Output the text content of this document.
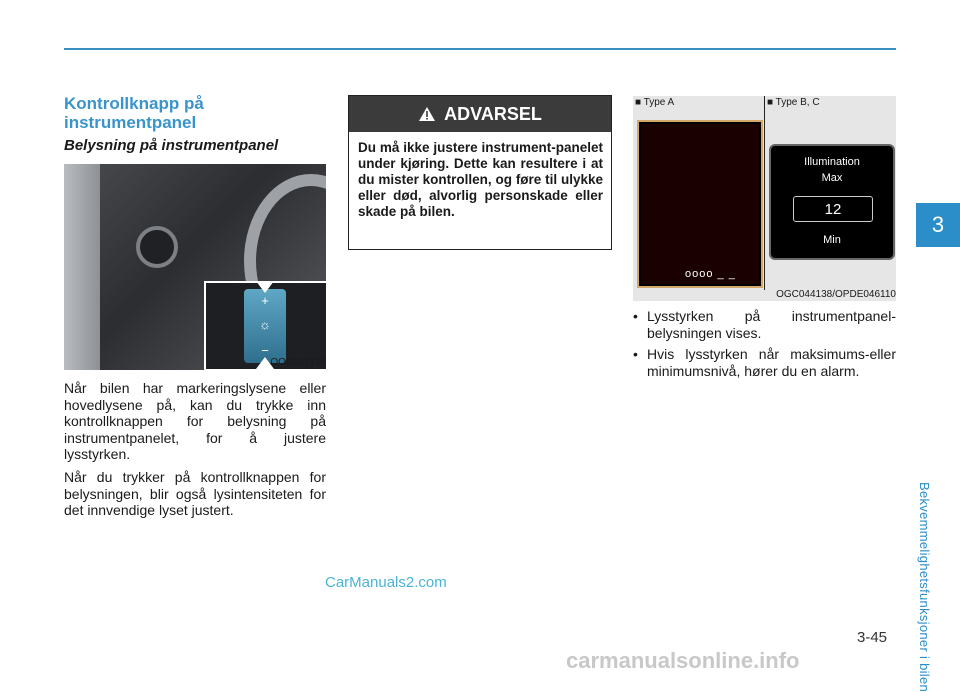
3
Bekvemmelighetsfunksjoner i bilen
Kontrollknapp på instrumentpanel
Belysning på instrumentpanel
+
☼
−
OOS047120
Når bilen har markeringslysene eller hovedlysene på, kan du trykke inn kontrollknappen for belysning på instrumentpanelet, for å justere lysstyrken.
Når du trykker på kontrollknappen for belysningen, blir også lysintensiteten for det innvendige lyset justert.
ADVARSEL
Du må ikke justere instrument-panelet under kjøring. Dette kan resultere i at du mister kontrollen, og føre til ulykke eller død, alvorlig personskade eller skade på bilen.
■ Type A	■ Type B, C
oooo _ _
Illumination
Max
12
Min
OGC044138/OPDE046110
• Lysstyrken på instrumentpanel-belysningen vises.
• Hvis lysstyrken når maksimums-eller minimumsnivå, hører du en alarm.
CarManuals2.com
3-45
carmanualsonline.info
